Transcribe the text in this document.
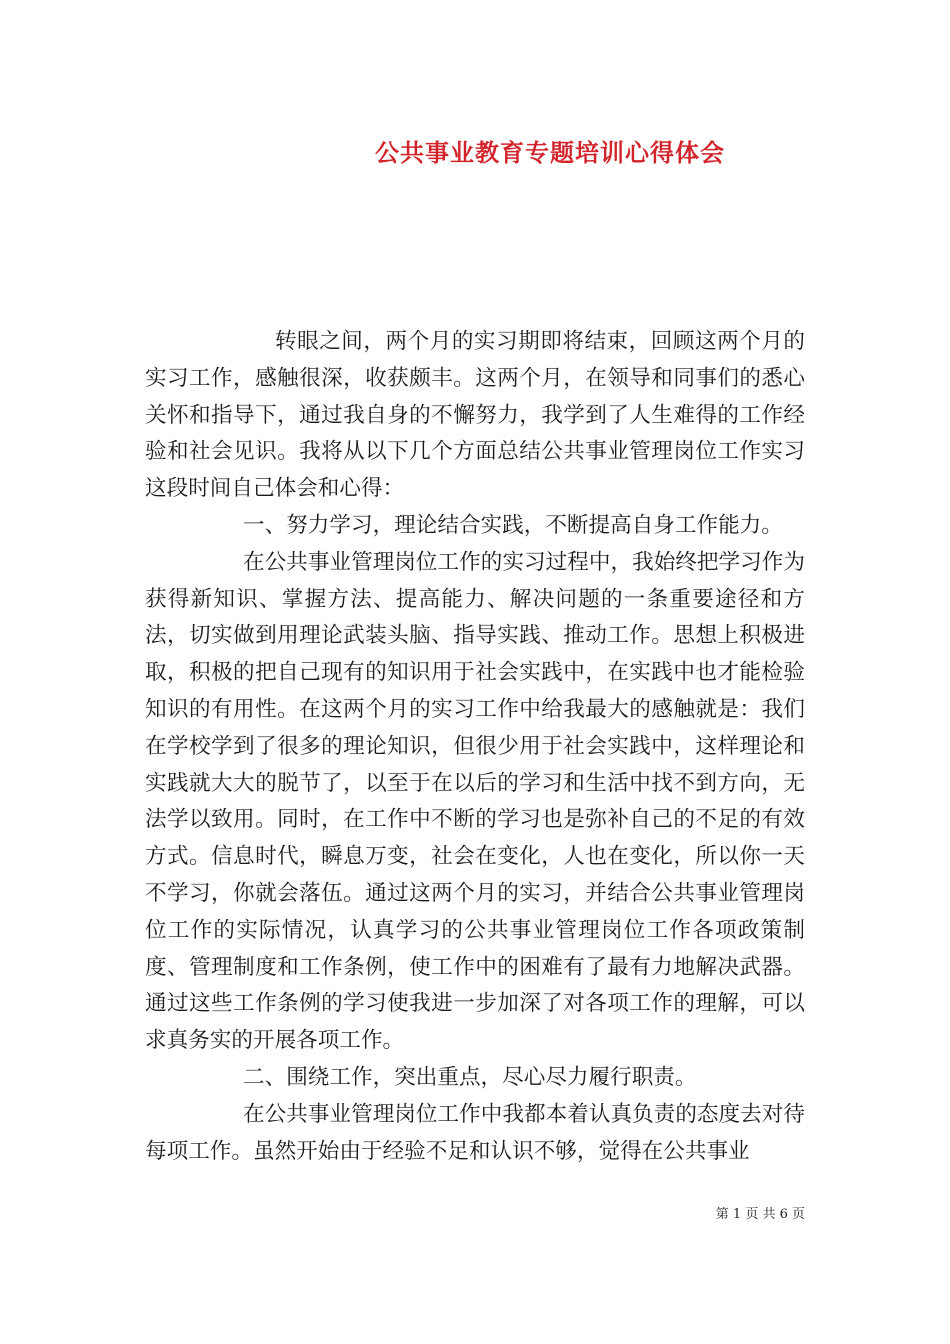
公共事业教育专题培训心得体会

转眼之间，两个月的实习期即将结束，回顾这两个月的实习工作，感触很深，收获颇丰。这两个月，在领导和同事们的悉心关怀和指导下，通过我自身的不懈努力，我学到了人生难得的工作经验和社会见识。我将从以下几个方面总结公共事业管理岗位工作实习这段时间自己体会和心得：

一、努力学习，理论结合实践，不断提高自身工作能力。

在公共事业管理岗位工作的实习过程中，我始终把学习作为获得新知识、掌握方法、提高能力、解决问题的一条重要途径和方法，切实做到用理论武装头脑、指导实践、推动工作。思想上积极进取，积极的把自己现有的知识用于社会实践中，在实践中也才能检验知识的有用性。在这两个月的实习工作中给我最大的感触就是：我们在学校学到了很多的理论知识，但很少用于社会实践中，这样理论和实践就大大的脱节了，以至于在以后的学习和生活中找不到方向，无法学以致用。同时，在工作中不断的学习也是弥补自己的不足的有效方式。信息时代，瞬息万变，社会在变化，人也在变化，所以你一天不学习，你就会落伍。通过这两个月的实习，并结合公共事业管理岗位工作的实际情况，认真学习的公共事业管理岗位工作各项政策制度、管理制度和工作条例，使工作中的困难有了最有力地解决武器。通过这些工作条例的学习使我进一步加深了对各项工作的理解，可以求真务实的开展各项工作。

二、围绕工作，突出重点，尽心尽力履行职责。

在公共事业管理岗位工作中我都本着认真负责的态度去对待每项工作。虽然开始由于经验不足和认识不够，觉得在公共事业

第 1 页 共 6 页
